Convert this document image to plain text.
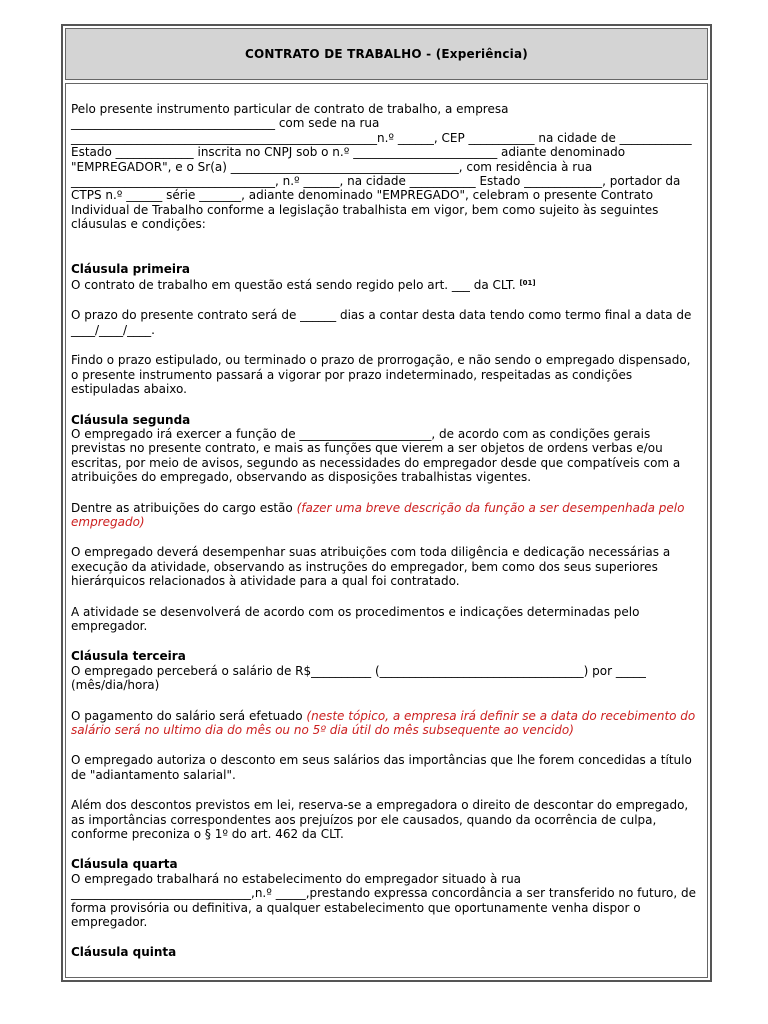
CONTRATO DE TRABALHO - (Experiência)

Pelo presente instrumento particular de contrato de trabalho, a empresa __________________________________ com sede na rua ___________________________________________________n.º ______, CEP ___________ na cidade de ____________ Estado _____________ inscrita no CNPJ sob o n.º ________________________ adiante denominado "EMPREGADOR", e o Sr(a) ______________________________________, com residência à rua __________________________________, n.º ______, na cidade ___________ Estado _____________, portador da CTPS n.º ______ série _______, adiante denominado "EMPREGADO", celebram o presente Contrato Individual de Trabalho conforme a legislação trabalhista em vigor, bem como sujeito às seguintes cláusulas e condições:

Cláusula primeira

O contrato de trabalho em questão está sendo regido pelo art. ___ da CLT. [01]

O prazo do presente contrato será de ______ dias a contar desta data tendo como termo final a data de ____/____/____.

Findo o prazo estipulado, ou terminado o prazo de prorrogação, e não sendo o empregado dispensado, o presente instrumento passará a vigorar por prazo indeterminado, respeitadas as condições estipuladas abaixo.

Cláusula segunda

O empregado irá exercer a função de ______________________, de acordo com as condições gerais previstas no presente contrato, e mais as funções que vierem a ser objetos de ordens verbas e/ou escritas, por meio de avisos, segundo as necessidades do empregador desde que compatíveis com a atribuições do empregado, observando as disposições trabalhistas vigentes.

Dentre as atribuições do cargo estão (fazer uma breve descrição da função a ser desempenhada pelo empregado)

O empregado deverá desempenhar suas atribuições com toda diligência e dedicação necessárias a execução da atividade, observando as instruções do empregador, bem como dos seus superiores hierárquicos relacionados à atividade para a qual foi contratado.

A atividade se desenvolverá de acordo com os procedimentos e indicações determinadas pelo empregador.

Cláusula terceira

O empregado perceberá o salário de R$__________ (__________________________________) por _____ (mês/dia/hora)

O pagamento do salário será efetuado (neste tópico, a empresa irá definir se a data do recebimento do salário será no ultimo dia do mês ou no 5º dia útil do mês subsequente ao vencido)

O empregado autoriza o desconto em seus salários das importâncias que lhe forem concedidas a título de "adiantamento salarial".

Além dos descontos previstos em lei, reserva-se a empregadora o direito de descontar do empregado, as importâncias correspondentes aos prejuízos por ele causados, quando da ocorrência de culpa, conforme preconiza o § 1º do art. 462 da CLT.

Cláusula quarta

O empregado trabalhará no estabelecimento do empregador situado à rua ______________________________,n.º _____,prestando expressa concordância a ser transferido no futuro, de forma provisória ou definitiva, a qualquer estabelecimento que oportunamente venha dispor o empregador.

Cláusula quinta
